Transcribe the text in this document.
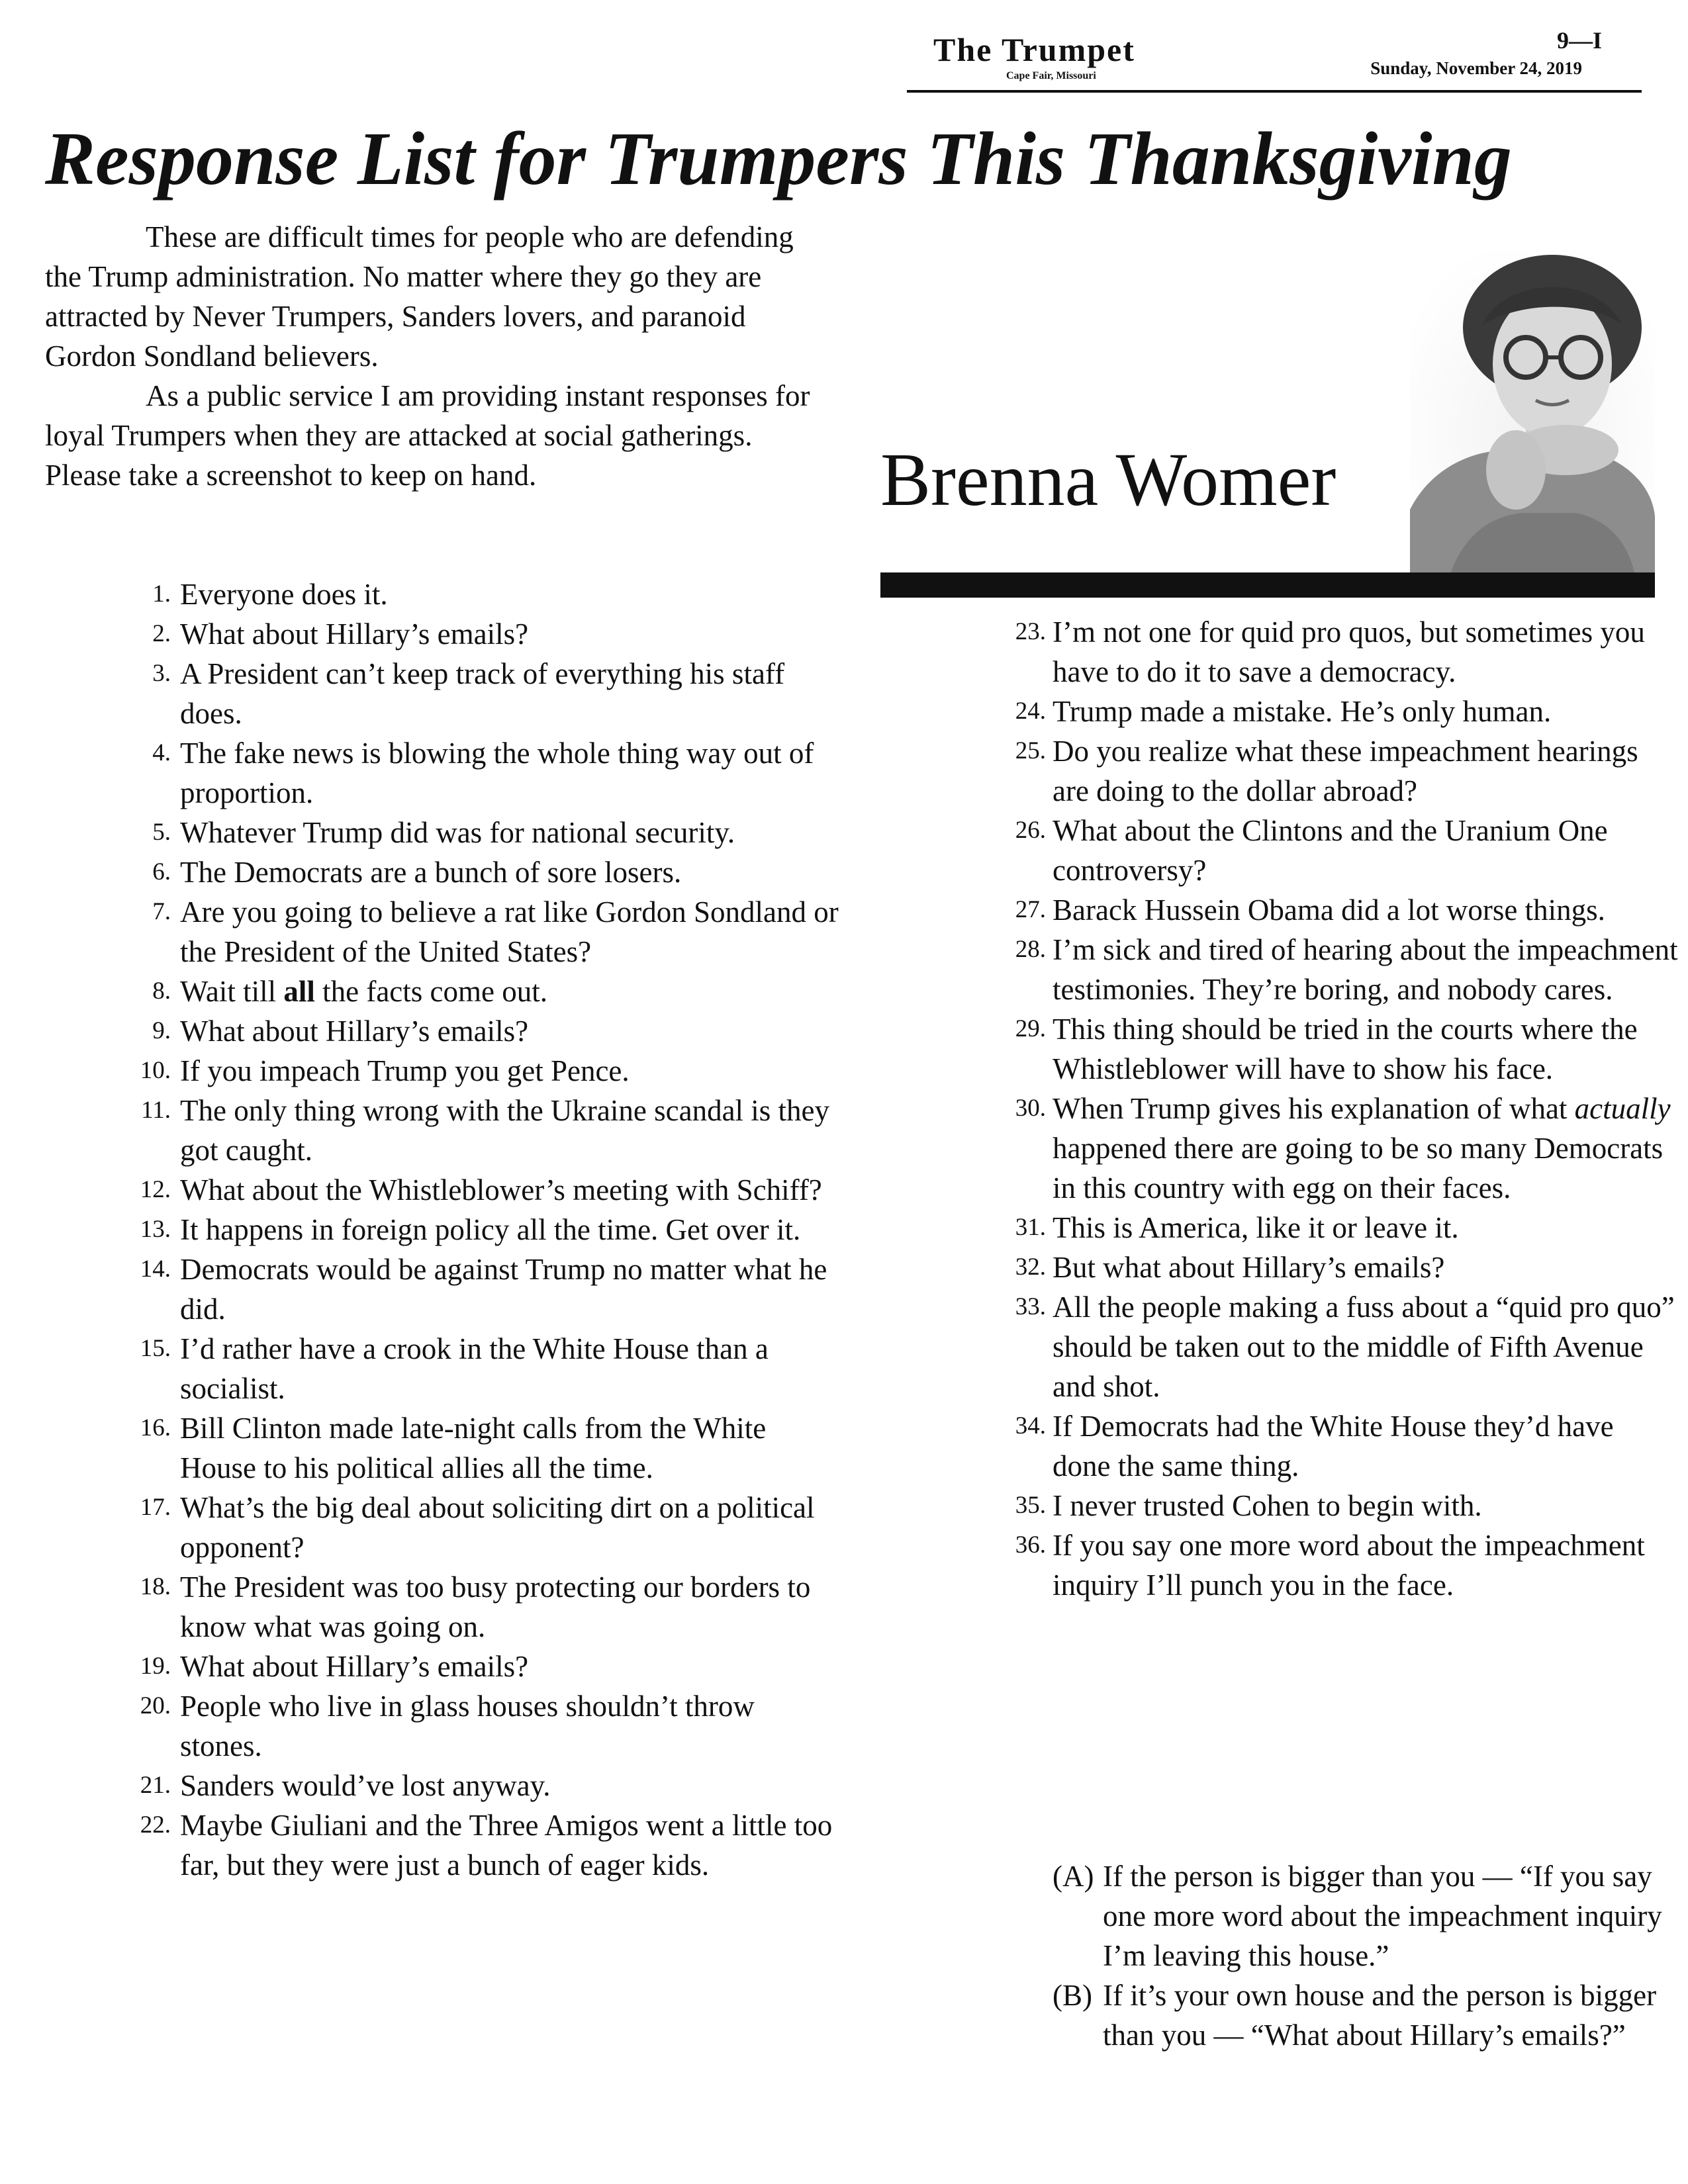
The Trumpet
Cape Fair, Missouri
9—I
Sunday, November 24, 2019
Response List for Trumpers This Thanksgiving

These are difficult times for people who are defending the Trump administration. No matter where they go they are attracted by Never Trumpers, Sanders lovers, and paranoid Gordon Sondland believers.

As a public service I am providing instant responses for loyal Trumpers when they are attacked at social gatherings. Please take a screenshot to keep on hand.	Brenna Womer
1. Everyone does it.
2. What about Hillary’s emails?
3. A President can’t keep track of everything his staff does.
4. The fake news is blowing the whole thing way out of proportion.
5. Whatever Trump did was for national security.
6. The Democrats are a bunch of sore losers.
7. Are you going to believe a rat like Gordon Sondland or the President of the United States?
8. Wait till all the facts come out.
9. What about Hillary’s emails?
10. If you impeach Trump you get Pence.
11. The only thing wrong with the Ukraine scandal is they got caught.
12. What about the Whistleblower’s meeting with Schiff?
13. It happens in foreign policy all the time. Get over it.
14. Democrats would be against Trump no matter what he did.
15. I’d rather have a crook in the White House than a socialist.
16. Bill Clinton made late-night calls from the White House to his political allies all the time.
17. What’s the big deal about soliciting dirt on a political opponent?
18. The President was too busy protecting our borders to know what was going on.
19. What about Hillary’s emails?
20. People who live in glass houses shouldn’t throw stones.
21. Sanders would’ve lost anyway.
22. Maybe Giuliani and the Three Amigos went a little too far, but they were just a bunch of eager kids.
23. I’m not one for quid pro quos, but sometimes you have to do it to save a democracy.
24. Trump made a mistake. He’s only human.
25. Do you realize what these impeachment hearings are doing to the dollar abroad?
26. What about the Clintons and the Uranium One controversy?
27. Barack Hussein Obama did a lot worse things.
28. I’m sick and tired of hearing about the impeachment testimonies. They’re boring, and nobody cares.
29. This thing should be tried in the courts where the Whistleblower will have to show his face.
30. When Trump gives his explanation of what actually happened there are going to be so many Democrats in this country with egg on their faces.
31. This is America, like it or leave it.
32. But what about Hillary’s emails?
33. All the people making a fuss about a “quid pro quo” should be taken out to the middle of Fifth Avenue and shot.
34. If Democrats had the White House they’d have done the same thing.
35. I never trusted Cohen to begin with.
36. If you say one more word about the impeachment inquiry I’ll punch you in the face.
(A) If the person is bigger than you — “If you say one more word about the impeachment inquiry I’m leaving this house.”
(B) If it’s your own house and the person is bigger than you — “What about Hillary’s emails?”
